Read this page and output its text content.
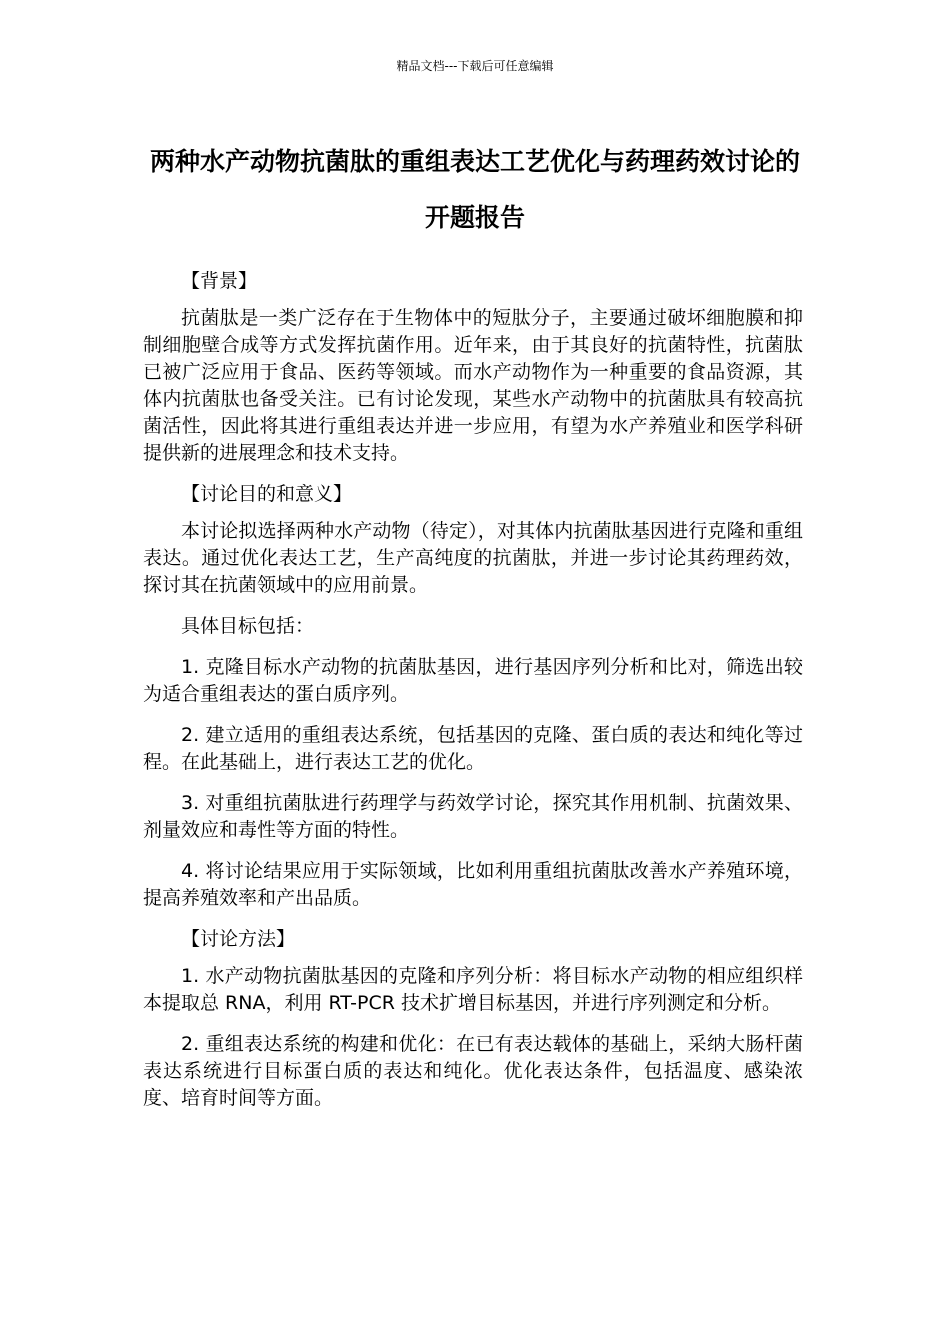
精品文档---下载后可任意编辑
两种水产动物抗菌肽的重组表达工艺优化与药理药效讨论的开题报告

【背景】

抗菌肽是一类广泛存在于生物体中的短肽分子，主要通过破坏细胞膜和抑制细胞壁合成等方式发挥抗菌作用。近年来，由于其良好的抗菌特性，抗菌肽已被广泛应用于食品、医药等领域。而水产动物作为一种重要的食品资源，其体内抗菌肽也备受关注。已有讨论发现，某些水产动物中的抗菌肽具有较高抗菌活性，因此将其进行重组表达并进一步应用，有望为水产养殖业和医学科研提供新的进展理念和技术支持。

【讨论目的和意义】

本讨论拟选择两种水产动物（待定），对其体内抗菌肽基因进行克隆和重组表达。通过优化表达工艺，生产高纯度的抗菌肽，并进一步讨论其药理药效，探讨其在抗菌领域中的应用前景。

具体目标包括：

1. 克隆目标水产动物的抗菌肽基因，进行基因序列分析和比对，筛选出较为适合重组表达的蛋白质序列。

2. 建立适用的重组表达系统，包括基因的克隆、蛋白质的表达和纯化等过程。在此基础上，进行表达工艺的优化。

3. 对重组抗菌肽进行药理学与药效学讨论，探究其作用机制、抗菌效果、剂量效应和毒性等方面的特性。

4. 将讨论结果应用于实际领域，比如利用重组抗菌肽改善水产养殖环境，提高养殖效率和产出品质。

【讨论方法】

1. 水产动物抗菌肽基因的克隆和序列分析：将目标水产动物的相应组织样本提取总 RNA，利用 RT-PCR 技术扩增目标基因，并进行序列测定和分析。

2. 重组表达系统的构建和优化：在已有表达载体的基础上，采纳大肠杆菌表达系统进行目标蛋白质的表达和纯化。优化表达条件，包括温度、感染浓度、培育时间等方面。
